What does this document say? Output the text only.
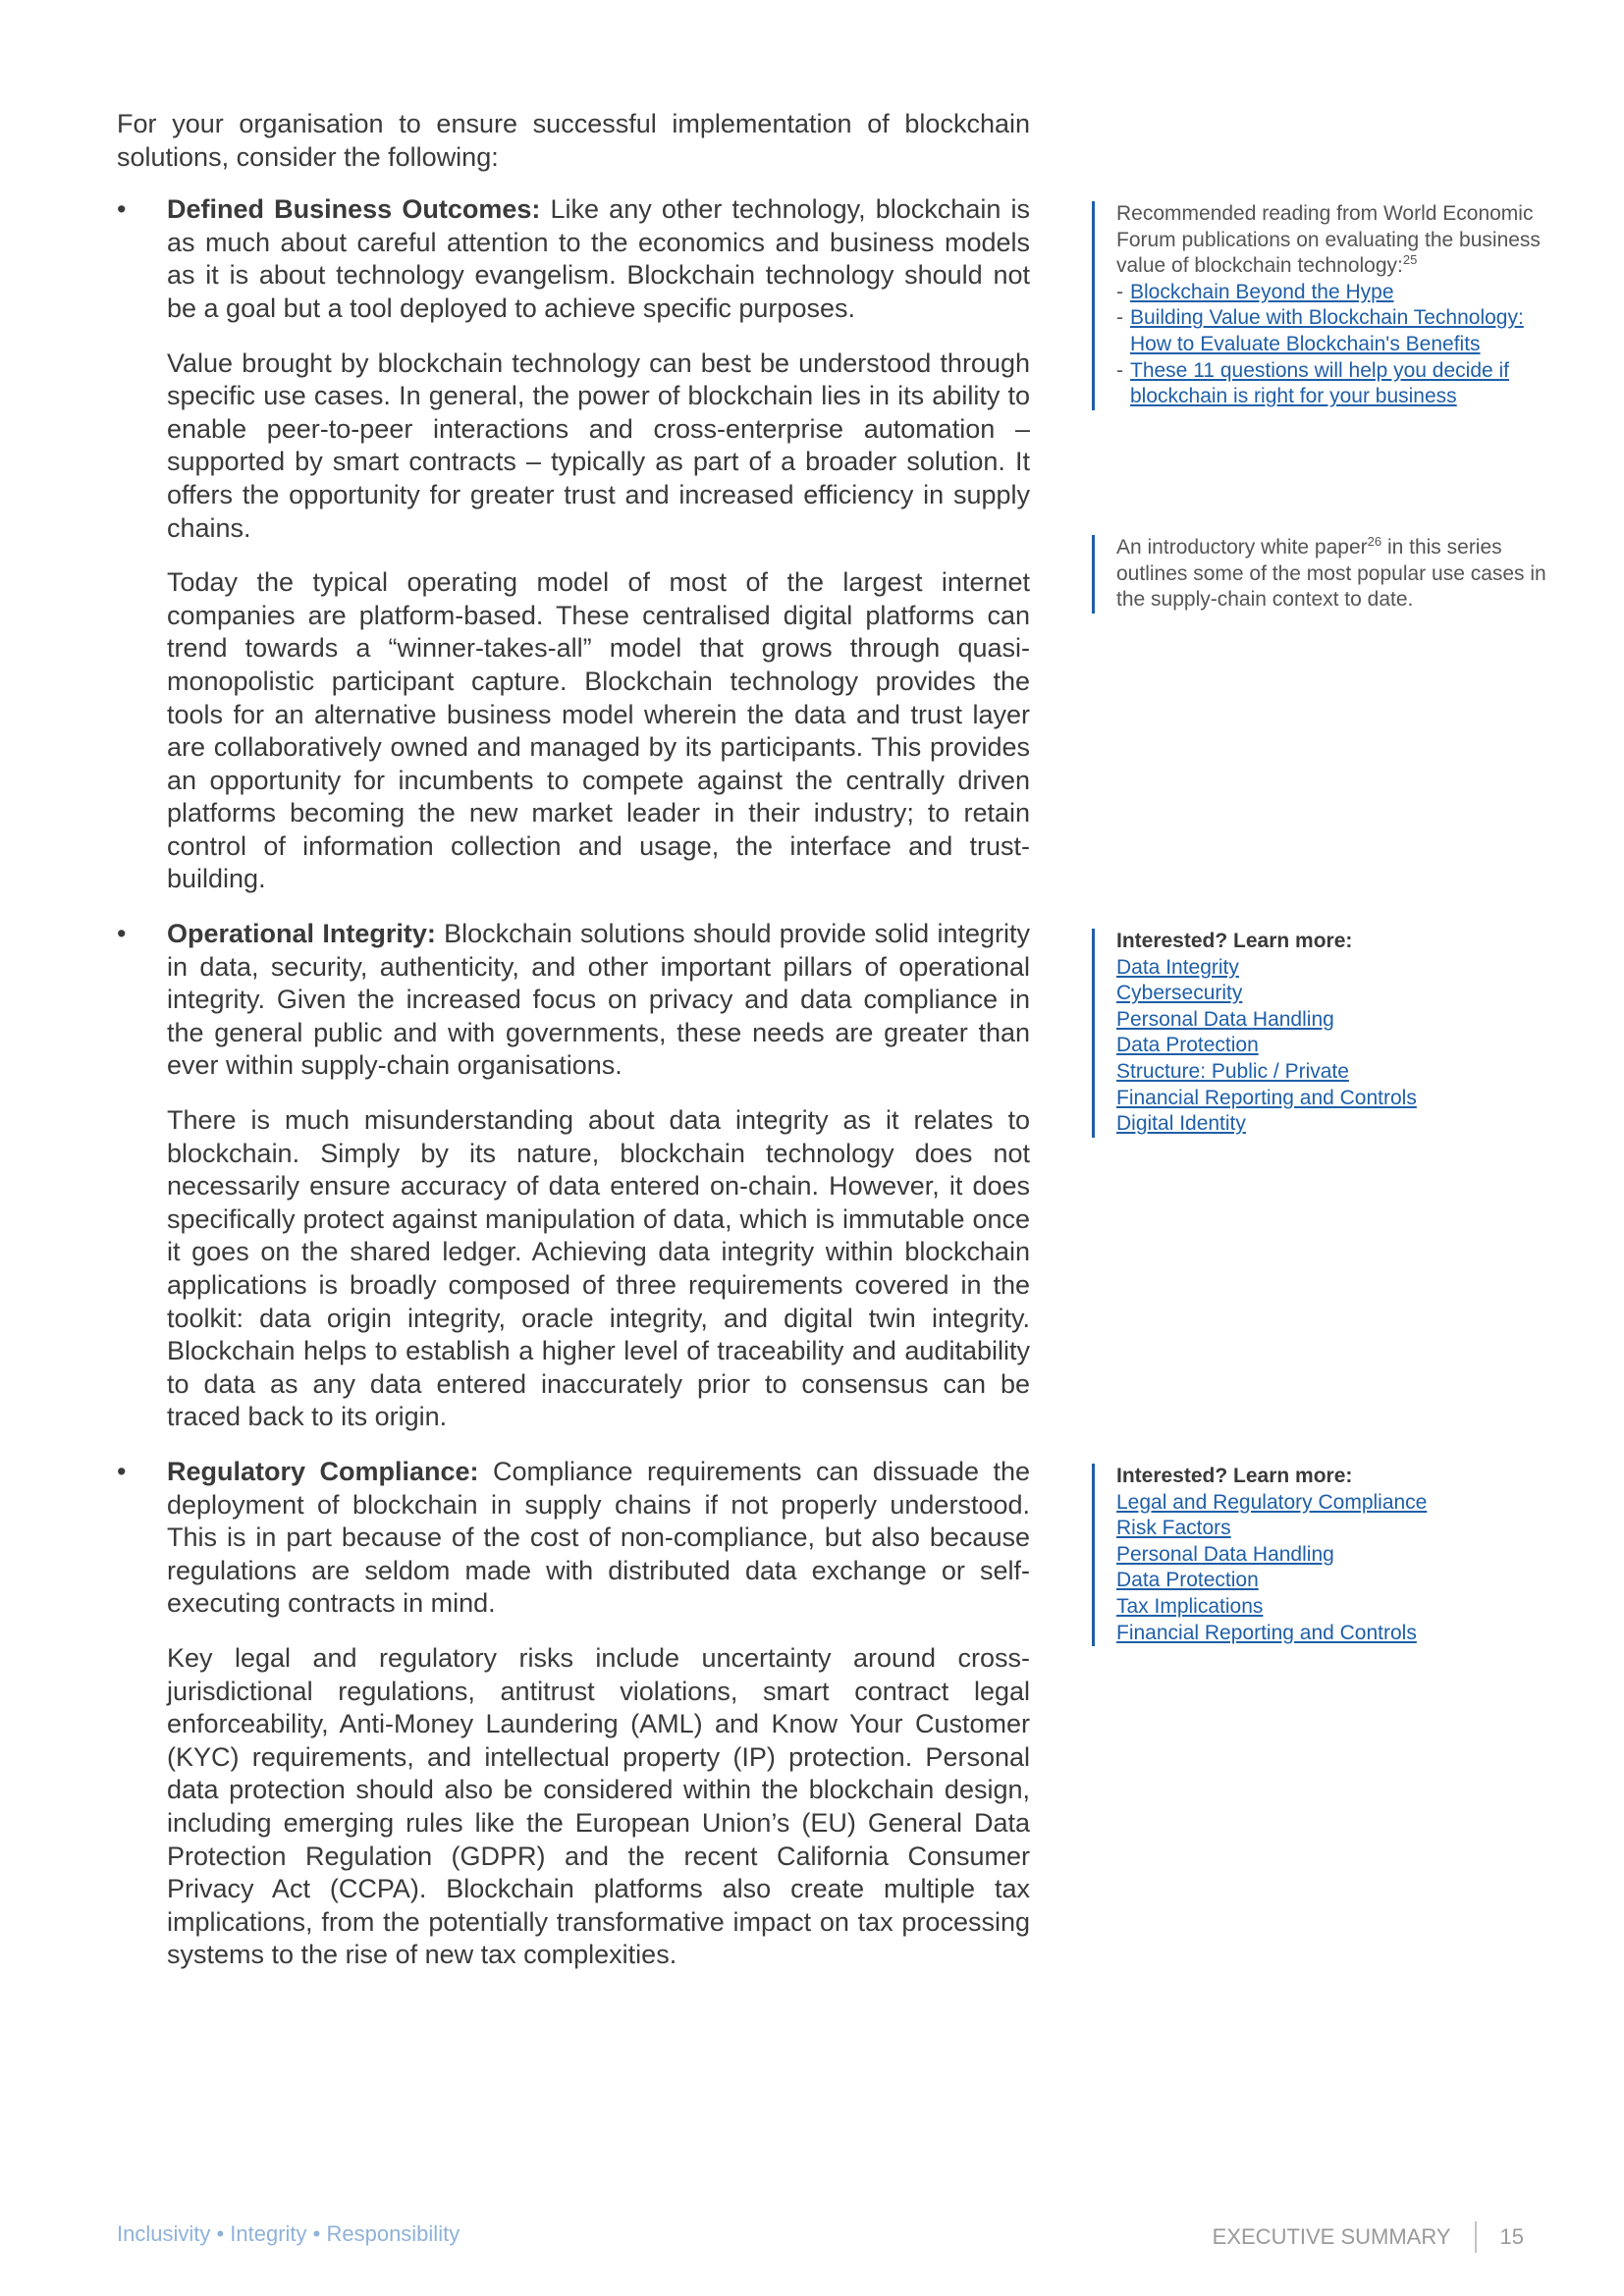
For your organisation to ensure successful implementation of blockchain solutions, consider the following:

• Defined Business Outcomes: Like any other technology, blockchain is as much about careful attention to the economics and business models as it is about technology evangelism. Blockchain technology should not be a goal but a tool deployed to achieve specific purposes.

Value brought by blockchain technology can best be understood through specific use cases. In general, the power of blockchain lies in its ability to enable peer-to-peer interactions and cross-enterprise automation – supported by smart contracts – typically as part of a broader solution. It offers the opportunity for greater trust and increased efficiency in supply chains.

Today the typical operating model of most of the largest internet companies are platform-based. These centralised digital platforms can trend towards a “winner-takes-all” model that grows through quasi-monopolistic participant capture. Blockchain technology provides the tools for an alternative business model wherein the data and trust layer are collaboratively owned and managed by its participants. This provides an opportunity for incumbents to compete against the centrally driven platforms becoming the new market leader in their industry; to retain control of information collection and usage, the interface and trust-building.

• Operational Integrity: Blockchain solutions should provide solid integrity in data, security, authenticity, and other important pillars of operational integrity. Given the increased focus on privacy and data compliance in the general public and with governments, these needs are greater than ever within supply-chain organisations.

There is much misunderstanding about data integrity as it relates to blockchain. Simply by its nature, blockchain technology does not necessarily ensure accuracy of data entered on-chain. However, it does specifically protect against manipulation of data, which is immutable once it goes on the shared ledger. Achieving data integrity within blockchain applications is broadly composed of three requirements covered in the toolkit: data origin integrity, oracle integrity, and digital twin integrity. Blockchain helps to establish a higher level of traceability and auditability to data as any data entered inaccurately prior to consensus can be traced back to its origin.

• Regulatory Compliance: Compliance requirements can dissuade the deployment of blockchain in supply chains if not properly understood. This is in part because of the cost of non-compliance, but also because regulations are seldom made with distributed data exchange or self-executing contracts in mind.

Key legal and regulatory risks include uncertainty around cross-jurisdictional regulations, antitrust violations, smart contract legal enforceability, Anti-Money Laundering (AML) and Know Your Customer (KYC) requirements, and intellectual property (IP) protection. Personal data protection should also be considered within the blockchain design, including emerging rules like the European Union’s (EU) General Data Protection Regulation (GDPR) and the recent California Consumer Privacy Act (CCPA). Blockchain platforms also create multiple tax implications, from the potentially transformative impact on tax processing systems to the rise of new tax complexities.

Recommended reading from World Economic Forum publications on evaluating the business value of blockchain technology:$^{25}$
- Blockchain Beyond the Hype
- Building Value with Blockchain Technology: How to Evaluate Blockchain's Benefits
- These 11 questions will help you decide if blockchain is right for your business
An introductory white paper$^{26}$ in this series outlines some of the most popular use cases in the supply-chain context to date.
Interested? Learn more:
Data Integrity
Cybersecurity
Personal Data Handling
Data Protection
Structure: Public / Private
Financial Reporting and Controls
Digital Identity
Interested? Learn more:
Legal and Regulatory Compliance
Risk Factors
Personal Data Handling
Data Protection
Tax Implications
Financial Reporting and Controls
Inclusivity • Integrity • Responsibility	EXECUTIVE SUMMARY 15
